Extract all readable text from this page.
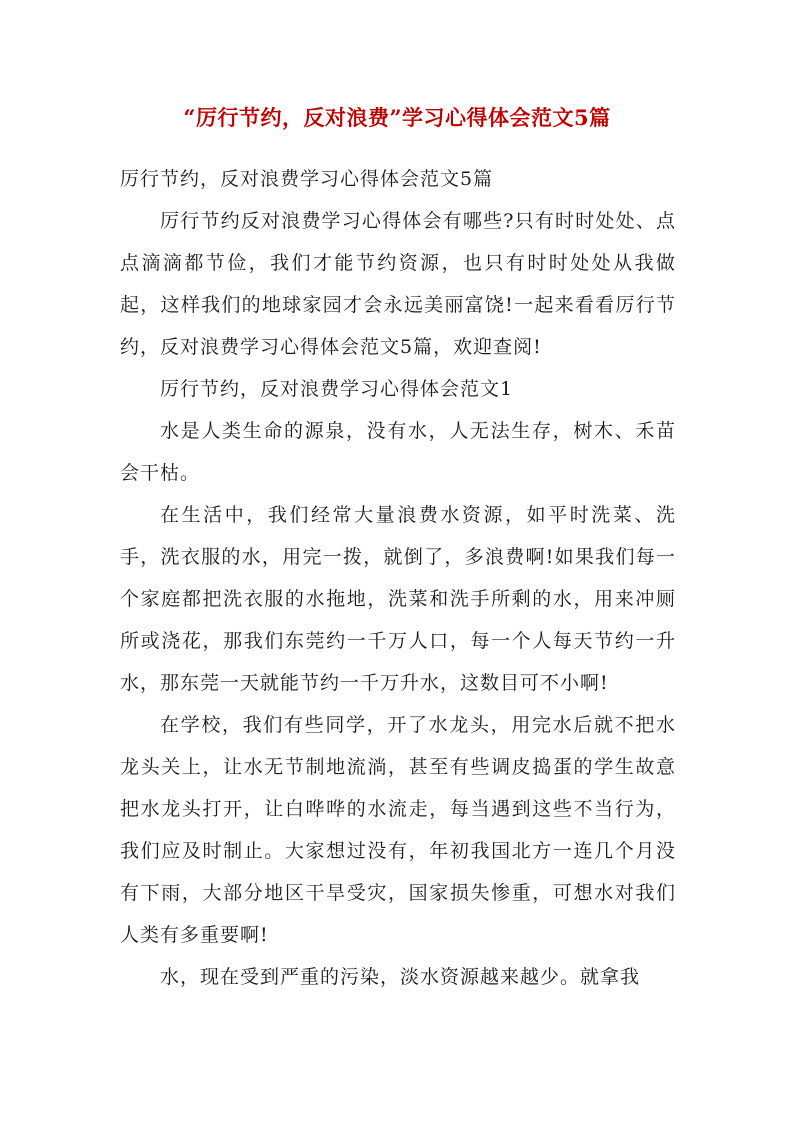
“厉行节约，反对浪费”学习心得体会范文5篇

厉行节约，反对浪费学习心得体会范文5篇

厉行节约反对浪费学习心得体会有哪些?只有时时处处、点点滴滴都节俭，我们才能节约资源，也只有时时处处从我做起，这样我们的地球家园才会永远美丽富饶!一起来看看厉行节约，反对浪费学习心得体会范文5篇，欢迎查阅!

厉行节约，反对浪费学习心得体会范文1

水是人类生命的源泉，没有水，人无法生存，树木、禾苗会干枯。

在生活中，我们经常大量浪费水资源，如平时洗菜、洗手，洗衣服的水，用完一拨，就倒了，多浪费啊!如果我们每一个家庭都把洗衣服的水拖地，洗菜和洗手所剩的水，用来冲厕所或浇花，那我们东莞约一千万人口，每一个人每天节约一升水，那东莞一天就能节约一千万升水，这数目可不小啊!

在学校，我们有些同学，开了水龙头，用完水后就不把水龙头关上，让水无节制地流淌，甚至有些调皮捣蛋的学生故意把水龙头打开，让白哗哗的水流走，每当遇到这些不当行为，我们应及时制止。大家想过没有，年初我国北方一连几个月没有下雨，大部分地区干旱受灾，国家损失惨重，可想水对我们人类有多重要啊!

水，现在受到严重的污染，淡水资源越来越少。就拿我
